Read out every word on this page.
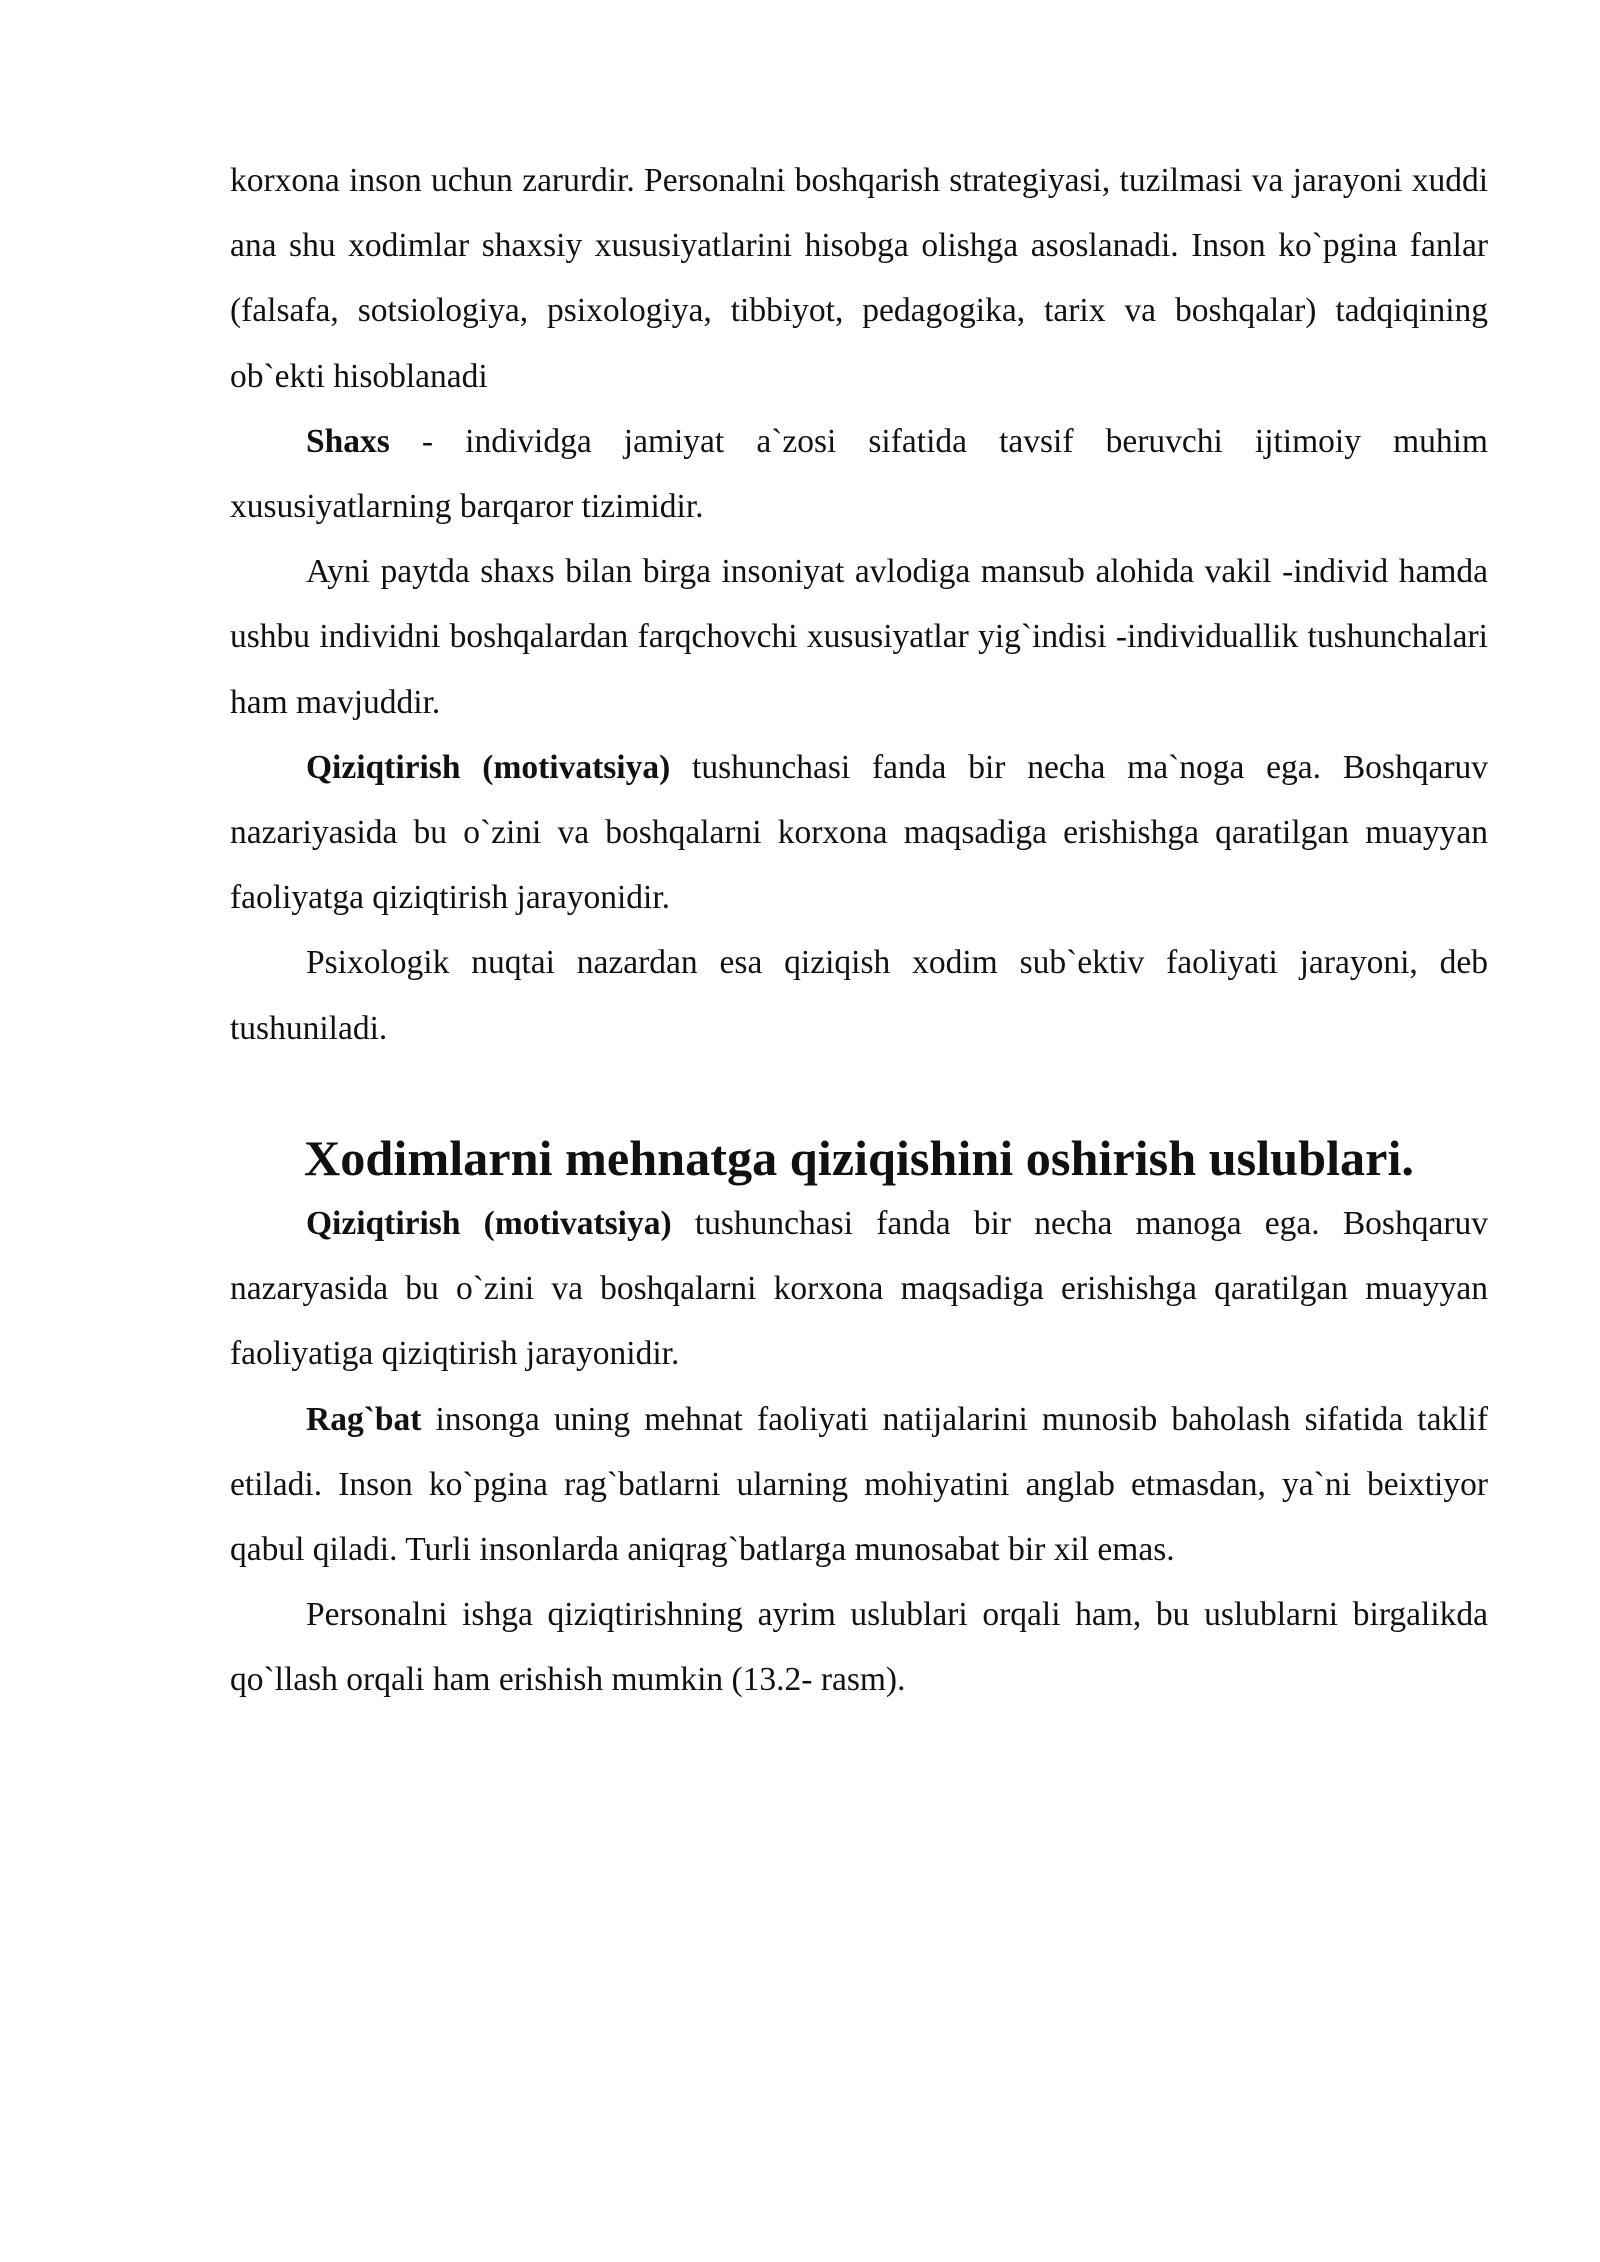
korxona inson uchun zarurdir. Personalni boshqarish strategiyasi, tuzilmasi va jarayoni xuddi ana shu xodimlar shaxsiy xususiyatlarini hisobga olishga asoslanadi. Inson ko`pgina fanlar (falsafa, sotsiologiya, psixologiya, tibbiyot, pedagogika, tarix va boshqalar) tadqiqining ob`ekti hisoblanadi

Shaxs - individga jamiyat a`zosi sifatida tavsif beruvchi ijtimoiy muhim xususiyatlarning barqaror tizimidir.

Ayni paytda shaxs bilan birga insoniyat avlodiga mansub alohida vakil -individ hamda ushbu individni boshqalardan farqchovchi xususiyatlar yig`indisi -individuallik tushunchalari ham mavjuddir.

Qiziqtirish (motivatsiya) tushunchasi fanda bir necha ma`noga ega. Boshqaruv nazariyasida bu o`zini va boshqalarni korxona maqsadiga erishishga qaratilgan muayyan faoliyatga qiziqtirish jarayonidir.

Psixologik nuqtai nazardan esa qiziqish xodim sub`ektiv faoliyati jarayoni, deb tushuniladi.

Xodimlarni mehnatga qiziqishini oshirish uslublari.

Qiziqtirish (motivatsiya) tushunchasi fanda bir necha manoga ega. Boshqaruv nazaryasida bu o`zini va boshqalarni korxona maqsadiga erishishga qaratilgan muayyan faoliyatiga qiziqtirish jarayonidir.

Rag`bat insonga uning mehnat faoliyati natijalarini munosib baholash sifatida taklif etiladi. Inson ko`pgina rag`batlarni ularning mohiyatini anglab etmasdan, ya`ni beixtiyor qabul qiladi. Turli insonlarda aniqrag`batlarga munosabat bir xil emas.

Personalni ishga qiziqtirishning ayrim uslublari orqali ham, bu uslublarni birgalikda qo`llash orqali ham erishish mumkin (13.2- rasm).
